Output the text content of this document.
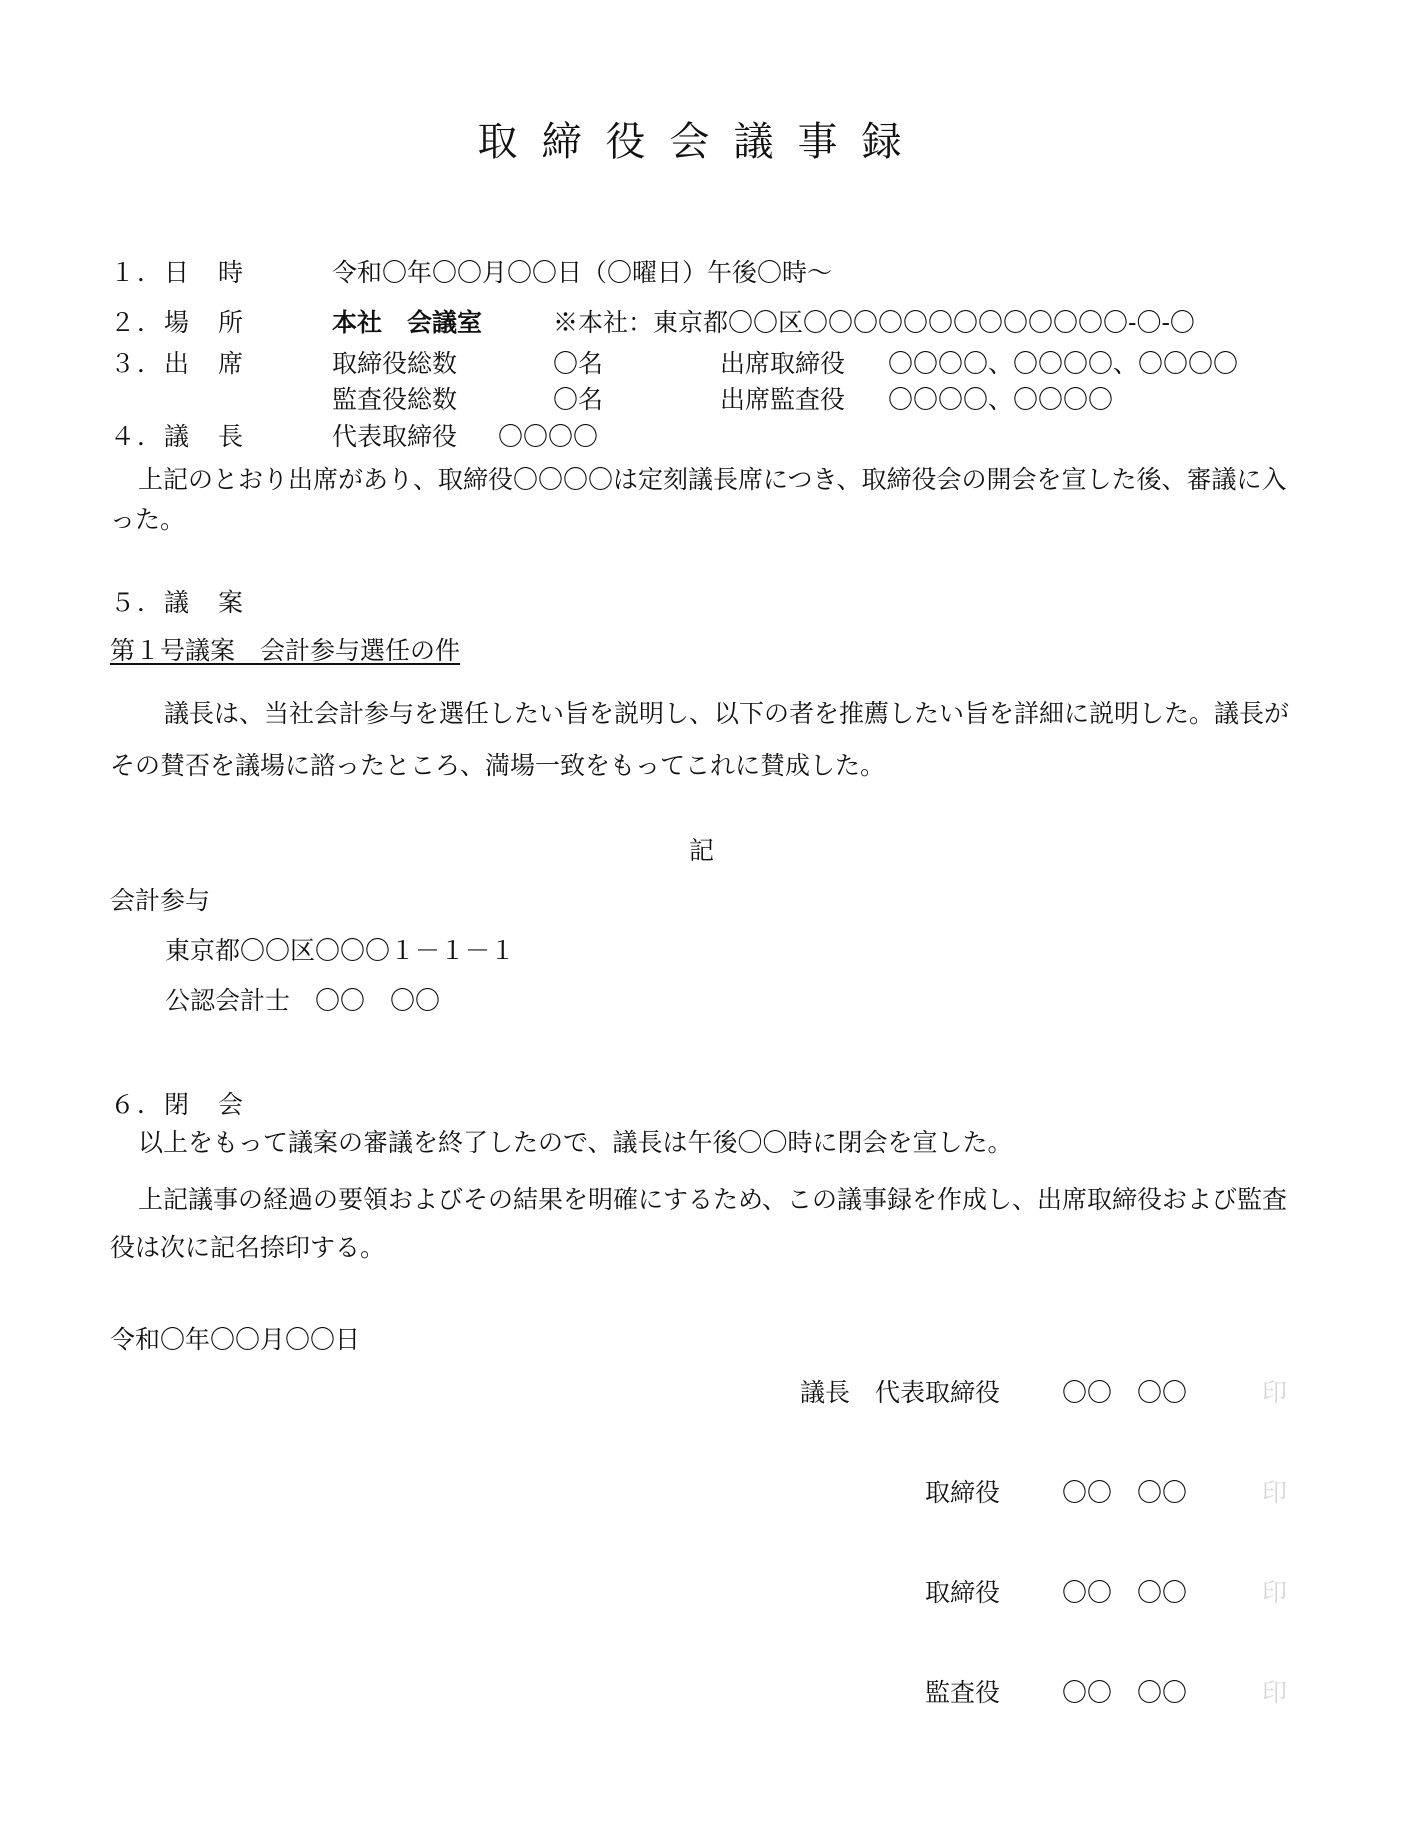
取締役会議事録
１．日　時	令和〇年〇〇月〇〇日（〇曜日）午後〇時～
２．場　所	本社　会議室	※本社：東京都〇〇区〇〇〇〇〇〇〇〇〇〇〇〇〇-〇-〇
３．出　席	取締役総数	〇名	出席取締役 〇〇〇〇、〇〇〇〇、〇〇〇〇
監査役総数	〇名	出席監査役 〇〇〇〇、〇〇〇〇
４．議　長	代表取締役 〇〇〇〇
上記のとおり出席があり、取締役〇〇〇〇は定刻議長席につき、取締役会の開会を宣した後、審議に入った。
５．議　案
第１号議案　会計参与選任の件
議長は、当社会計参与を選任したい旨を説明し、以下の者を推薦したい旨を詳細に説明した。議長がその賛否を議場に諮ったところ、満場一致をもってこれに賛成した。
記
会計参与
東京都〇〇区〇〇〇１－１－１
公認会計士　〇〇　〇〇
６．閉　会
以上をもって議案の審議を終了したので、議長は午後〇〇時に閉会を宣した。
上記議事の経過の要領およびその結果を明確にするため、この議事録を作成し、出席取締役および監査役は次に記名捺印する。
令和〇年〇〇月〇〇日
議長　代表取締役 〇〇　〇〇	印
取締役 〇〇　〇〇	印
取締役 〇〇　〇〇	印
監査役 〇〇　〇〇	印
